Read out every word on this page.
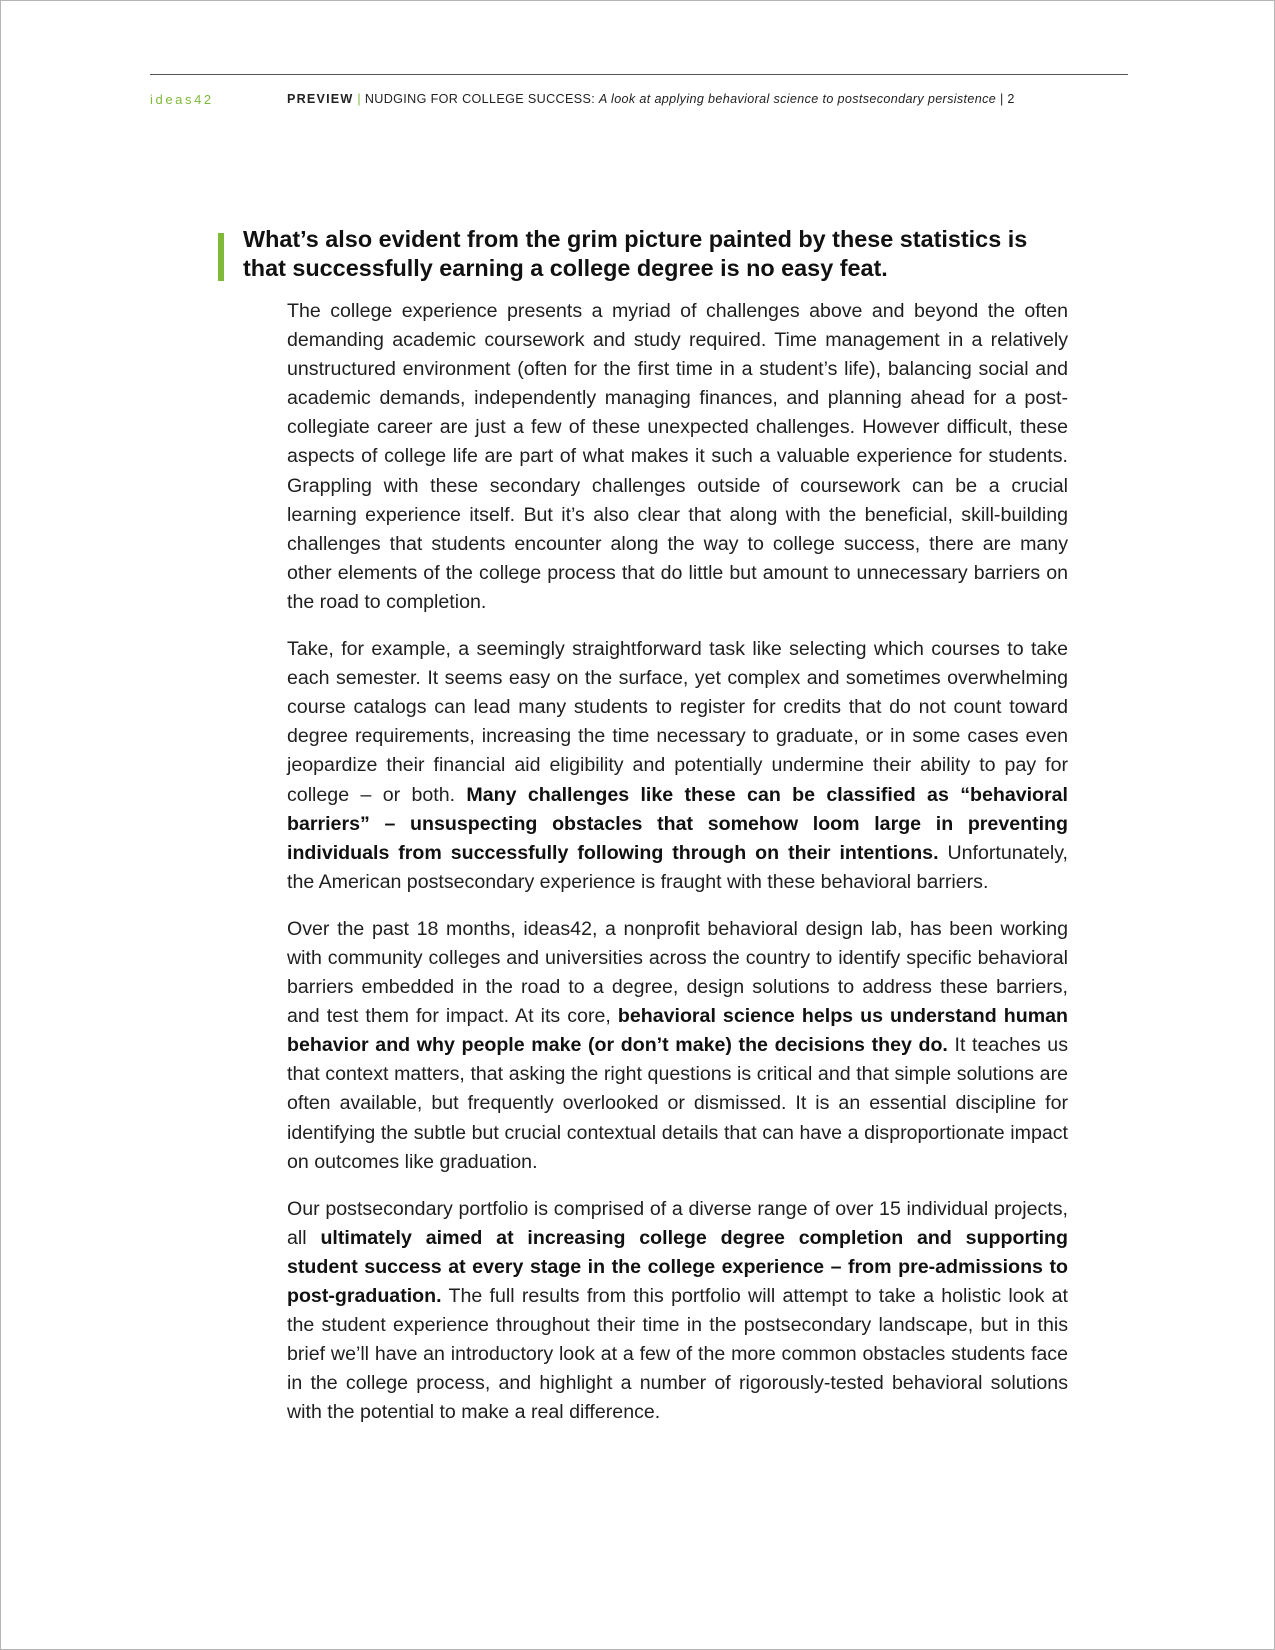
ideas42	PREVIEW | NUDGING FOR COLLEGE SUCCESS: A look at applying behavioral science to postsecondary persistence | 2
What’s also evident from the grim picture painted by these statistics is that successfully earning a college degree is no easy feat.

The college experience presents a myriad of challenges above and beyond the often demanding academic coursework and study required. Time management in a relatively unstructured environment (often for the first time in a student’s life), balancing social and academic demands, independently managing finances, and planning ahead for a post-collegiate career are just a few of these unexpected challenges. However difficult, these aspects of college life are part of what makes it such a valuable experience for students. Grappling with these secondary challenges outside of coursework can be a crucial learning experience itself. But it’s also clear that along with the beneficial, skill-building challenges that students encounter along the way to college success, there are many other elements of the college process that do little but amount to unnecessary barriers on the road to completion.

Take, for example, a seemingly straightforward task like selecting which courses to take each semester. It seems easy on the surface, yet complex and sometimes overwhelming course catalogs can lead many students to register for credits that do not count toward degree requirements, increasing the time necessary to graduate, or in some cases even jeopardize their financial aid eligibility and potentially undermine their ability to pay for college – or both. Many challenges like these can be classified as “behavioral barriers” – unsuspecting obstacles that somehow loom large in preventing individuals from successfully following through on their intentions. Unfortunately, the American postsecondary experience is fraught with these behavioral barriers.

Over the past 18 months, ideas42, a nonprofit behavioral design lab, has been working with community colleges and universities across the country to identify specific behavioral barriers embedded in the road to a degree, design solutions to address these barriers, and test them for impact. At its core, behavioral science helps us understand human behavior and why people make (or don’t make) the decisions they do. It teaches us that context matters, that asking the right questions is critical and that simple solutions are often available, but frequently overlooked or dismissed. It is an essential discipline for identifying the subtle but crucial contextual details that can have a disproportionate impact on outcomes like graduation.

Our postsecondary portfolio is comprised of a diverse range of over 15 individual projects, all ultimately aimed at increasing college degree completion and supporting student success at every stage in the college experience – from pre-admissions to post-graduation. The full results from this portfolio will attempt to take a holistic look at the student experience throughout their time in the postsecondary landscape, but in this brief we’ll have an introductory look at a few of the more common obstacles students face in the college process, and highlight a number of rigorously-tested behavioral solutions with the potential to make a real difference.
